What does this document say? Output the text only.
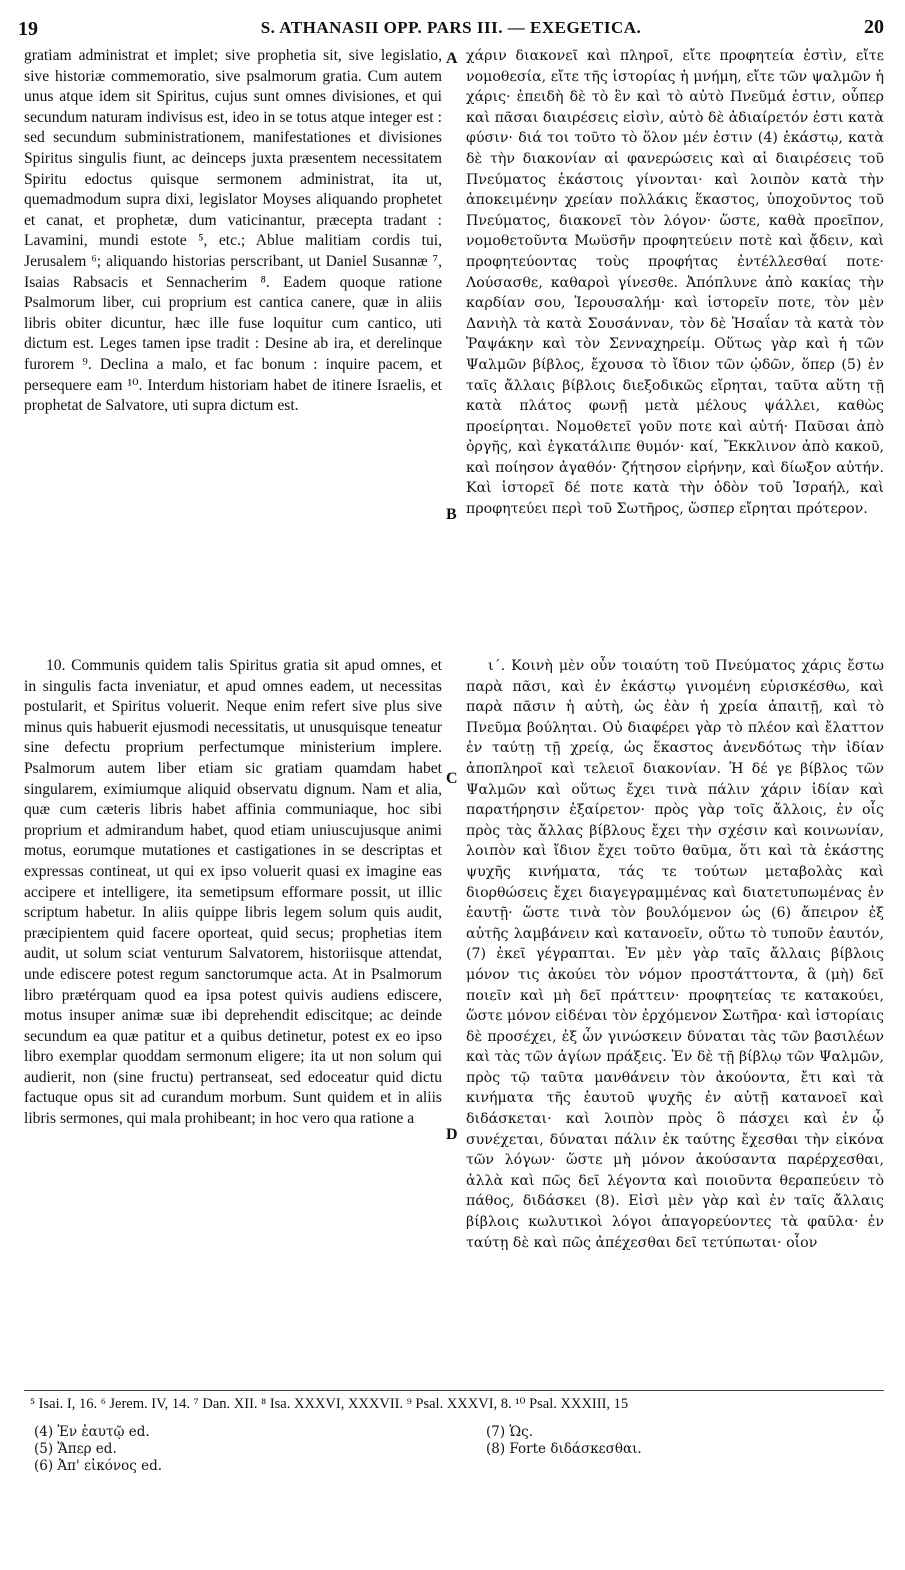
19	S. ATHANASII OPP. PARS III. — EXEGETICA.	20

gratiam administrat et implet; sive prophetia sit, sive legislatio, sive historiæ commemoratio, sive psalmorum gratia. Cum autem unus atque idem sit Spiritus, cujus sunt omnes divisiones, et qui secundum naturam indivisus est, ideo in se totus atque integer est : sed secundum subministrationem, manifestationes et divisiones Spiritus singulis fiunt, ac deinceps juxta præsentem necessitatem Spiritu edoctus quisque sermonem administrat, ita ut, quemadmodum supra dixi, legislator Moyses aliquando prophetet et canat, et prophetæ, dum vaticinantur, præcepta tradant : Lavamini, mundi estote ⁵, etc.; Ablue malitiam cordis tui, Jerusalem ⁶; aliquando historias perscribant, ut Daniel Susannæ ⁷, Isaias Rabsacis et Sennacherim ⁸. Eadem quoque ratione Psalmorum liber, cui proprium est cantica canere, quæ in aliis libris obiter dicuntur, hæc ille fuse loquitur cum cantico, uti dictum est. Leges tamen ipse tradit : Desine ab ira, et derelinque furorem ⁹. Declina a malo, et fac bonum : inquire pacem, et persequere eam ¹⁰. Interdum historiam habet de itinere Israelis, et prophetat de Salvatore, uti supra dictum est.

χάριν διακονεῖ καὶ πληροῖ, εἴτε προφητεία ἐστὶν, εἴτε νομοθεσία, εἴτε τῆς ἱστορίας ἡ μνήμη, εἴτε τῶν ψαλμῶν ἡ χάρις· ἐπειδὴ δὲ τὸ ἓν καὶ τὸ αὐτὸ Πνεῦμά ἐστιν, οὗπερ καὶ πᾶσαι διαιρέσεις εἰσὶν, αὐτὸ δὲ ἀδιαίρετόν ἐστι κατὰ φύσιν· διά τοι τοῦτο τὸ ὅλον μέν ἐστιν (4) ἑκάστῳ, κατὰ δὲ τὴν διακονίαν αἱ φανερώσεις καὶ αἱ διαιρέσεις τοῦ Πνεύματος ἑκάστοις γίνονται· καὶ λοιπὸν κατὰ τὴν ἀποκειμένην χρείαν πολλάκις ἕκαστος, ὑποχοῦντος τοῦ Πνεύματος, διακονεῖ τὸν λόγον· ὥστε, καθὰ προεῖπον, νομοθετοῦντα Μωϋσῆν προφητεύειν ποτὲ καὶ ᾄδειν, καὶ προφητεύοντας τοὺς προφήτας ἐντέλλεσθαί ποτε· Λούσασθε, καθαροὶ γίνεσθε. Ἀπόπλυνε ἀπὸ κακίας τὴν καρδίαν σου, Ἱερουσαλήμ· καὶ ἱστορεῖν ποτε, τὸν μὲν Δανιὴλ τὰ κατὰ Σουσάνναν, τὸν δὲ Ἡσαΐαν τὰ κατὰ τὸν Ῥαψάκην καὶ τὸν Σενναχηρείμ. Οὕτως γὰρ καὶ ἡ τῶν Ψαλμῶν βίβλος, ἔχουσα τὸ ἴδιον τῶν ᾠδῶν, ὅπερ (5) ἐν ταῖς ἄλλαις βίβλοις διεξοδικῶς εἴρηται, ταῦτα αὕτη τῇ κατὰ πλάτος φωνῇ μετὰ μέλους ψάλλει, καθὼς προείρηται. Νομοθετεῖ γοῦν ποτε καὶ αὐτή· Παῦσαι ἀπὸ ὀργῆς, καὶ ἐγκατάλιπε θυμόν· καί, Ἔκκλινον ἀπὸ κακοῦ, καὶ ποίησον ἀγαθόν· ζήτησον εἰρήνην, καὶ δίωξον αὐτήν. Καὶ ἱστορεῖ δέ ποτε κατὰ τὴν ὁδὸν τοῦ Ἰσραήλ, καὶ προφητεύει περὶ τοῦ Σωτῆρος, ὥσπερ εἴρηται πρότερον.

A
B
C
D

10. Communis quidem talis Spiritus gratia sit apud omnes, et in singulis facta inveniatur, et apud omnes eadem, ut necessitas postularit, et Spiritus voluerit. Neque enim refert sive plus sive minus quis habuerit ejusmodi necessitatis, ut unusquisque teneatur sine defectu proprium perfectumque ministerium implere. Psalmorum autem liber etiam sic gratiam quamdam habet singularem, eximiumque aliquid observatu dignum. Nam et alia, quæ cum cæteris libris habet affinia communiaque, hoc sibi proprium et admirandum habet, quod etiam uniuscujusque animi motus, eorumque mutationes et castigationes in se descriptas et expressas contineat, ut qui ex ipso voluerit quasi ex imagine eas accipere et intelligere, ita semetipsum efformare possit, ut illic scriptum habetur. In aliis quippe libris legem solum quis audit, præcipientem quid facere oporteat, quid secus; prophetias item audit, ut solum sciat venturum Salvatorem, historiisque attendat, unde ediscere potest regum sanctorumque acta. At in Psalmorum libro prætérquam quod ea ipsa potest quivis audiens ediscere, motus insuper animæ suæ ibi deprehendit ediscitque; ac deinde secundum ea quæ patitur et a quibus detinetur, potest ex eo ipso libro exemplar quoddam sermonum eligere; ita ut non solum qui audierit, non (sine fructu) pertranseat, sed edoceatur quid dictu factuque opus sit ad curandum morbum. Sunt quidem et in aliis libris sermones, qui mala prohibeant; in hoc vero qua ratione a

ι΄. Κοινὴ μὲν οὖν τοιαύτη τοῦ Πνεύματος χάρις ἔστω παρὰ πᾶσι, καὶ ἐν ἑκάστῳ γινομένη εὑρισκέσθω, καὶ παρὰ πᾶσιν ἡ αὐτὴ, ὡς ἐὰν ἡ χρεία ἀπαιτῇ, καὶ τὸ Πνεῦμα βούληται. Οὐ διαφέρει γὰρ τὸ πλέον καὶ ἔλαττον ἐν ταύτῃ τῇ χρείᾳ, ὡς ἕκαστος ἀνενδότως τὴν ἰδίαν ἀποπληροῖ καὶ τελειοῖ διακονίαν. Ἡ δέ γε βίβλος τῶν Ψαλμῶν καὶ οὕτως ἔχει τινὰ πάλιν χάριν ἰδίαν καὶ παρατήρησιν ἐξαίρετον· πρὸς γὰρ τοῖς ἄλλοις, ἐν οἷς πρὸς τὰς ἄλλας βίβλους ἔχει τὴν σχέσιν καὶ κοινωνίαν, λοιπὸν καὶ ἴδιον ἔχει τοῦτο θαῦμα, ὅτι καὶ τὰ ἑκάστης ψυχῆς κινήματα, τάς τε τούτων μεταβολὰς καὶ διορθώσεις ἔχει διαγεγραμμένας καὶ διατετυπωμένας ἐν ἑαυτῇ· ὥστε τινὰ τὸν βουλόμενον ὡς (6) ἄπειρον ἐξ αὐτῆς λαμβάνειν καὶ κατανοεῖν, οὕτω τὸ τυποῦν ἑαυτόν, (7) ἐκεῖ γέγραπται. Ἐν μὲν γὰρ ταῖς ἄλλαις βίβλοις μόνον τις ἀκούει τὸν νόμον προστάττοντα, ἃ (μὴ) δεῖ ποιεῖν καὶ μὴ δεῖ πράττειν· προφητείας τε κατακούει, ὥστε μόνον εἰδέναι τὸν ἐρχόμενον Σωτῆρα· καὶ ἱστορίαις δὲ προσέχει, ἐξ ὧν γινώσκειν δύναται τὰς τῶν βασιλέων καὶ τὰς τῶν ἁγίων πράξεις. Ἐν δὲ τῇ βίβλῳ τῶν Ψαλμῶν, πρὸς τῷ ταῦτα μανθάνειν τὸν ἀκούοντα, ἔτι καὶ τὰ κινήματα τῆς ἑαυτοῦ ψυχῆς ἐν αὐτῇ κατανοεῖ καὶ διδάσκεται· καὶ λοιπὸν πρὸς ὃ πάσχει καὶ ἐν ᾧ συνέχεται, δύναται πάλιν ἐκ ταύτης ἔχεσθαι τὴν εἰκόνα τῶν λόγων· ὥστε μὴ μόνον ἀκούσαντα παρέρχεσθαι, ἀλλὰ καὶ πῶς δεῖ λέγοντα καὶ ποιοῦντα θεραπεύειν τὸ πάθος, διδάσκει (8). Εἰσὶ μὲν γὰρ καὶ ἐν ταῖς ἄλλαις βίβλοις κωλυτικοὶ λόγοι ἀπαγορεύοντες τὰ φαῦλα· ἐν ταύτῃ δὲ καὶ πῶς ἀπέχεσθαι δεῖ τετύπωται· οἷον

⁵ Isai. I, 16. ⁶ Jerem. IV, 14. ⁷ Dan. XII. ⁸ Isa. XXXVI, XXXVII. ⁹ Psal. XXXVI, 8. ¹⁰ Psal. XXXIII, 15
(4) Ἐν ἑαυτῷ ed.
(5) Ἅπερ ed.
(6) Ἀπ' εἰκόνος ed.
(7) Ὡς.
(8) Forte διδάσκεσθαι.
